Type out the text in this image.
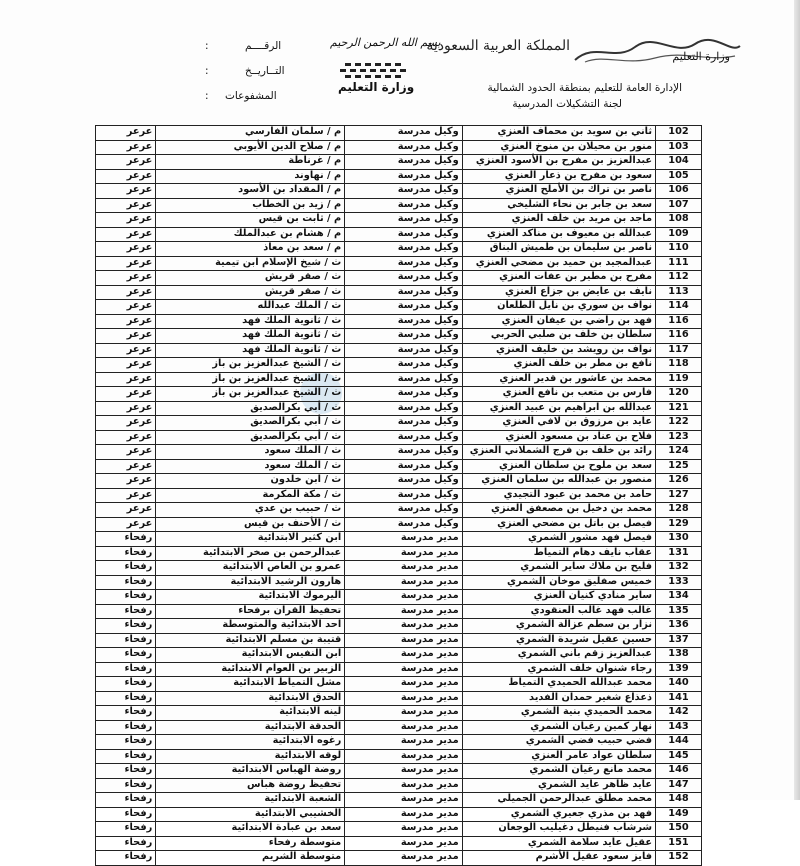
المملكة العربية السعودية
وزارة التعليم
الإدارة العامة للتعليم بمنطقة الحدود الشمالية
لجنة التشكيلات المدرسية
بسم الله الرحمن الرحيم
وزارة التعليم
الرقــــم
:
التــاريــخ
:
المشفوعات
:
102	ثاني بن سويد بن محماف العنزي	وكيل مدرسة	م / سلمان الفارسي	عرعر
103	منور بن محيلان بن منوخ العنزي	وكيل مدرسة	م / صلاح الدين الأيوبي	عرعر
104	عبدالعزيز بن مفرح بن الأسود العنزي	وكيل مدرسة	م / غرناطة	عرعر
105	سعود بن مفرح بن ذعار العنزي	وكيل مدرسة	م / نهاوند	عرعر
106	ناصر بن تراك بن الأملح العنزي	وكيل مدرسة	م / المقداد بن الأسود	عرعر
107	سعد بن جابر بن نحاء الشليخي	وكيل مدرسة	م / زيد بن الخطاب	عرعر
108	ماجد بن مريد بن خلف العنزي	وكيل مدرسة	م / ثابت بن قيس	عرعر
109	عبدالله بن معيوف بن مناكد العنزي	وكيل مدرسة	م / هشام بن عبدالملك	عرعر
110	ناصر بن سليمان بن طميش البناق	وكيل مدرسة	م / سعد بن معاذ	عرعر
111	عبدالمجيد بن حميد بن مضحي العنزي	وكيل مدرسة	ث / شيخ الإسلام ابن تيمية	عرعر
112	مفرح بن مطير بن عفات العنزي	وكيل مدرسة	ث / صقر قريش	عرعر
113	نايف بن عايض بن جزاع العنزي	وكيل مدرسة	ث / صقر قريش	عرعر
114	نواف بن سوري بن نايل الطلعان	وكيل مدرسة	ث / الملك عبدالله	عرعر
116	فهد بن راضي بن عيفان العنزي	وكيل مدرسة	ث / ثانوية الملك فهد	عرعر
116	سلطان بن خلف بن صلبي الحربي	وكيل مدرسة	ث / ثانوية الملك فهد	عرعر
117	نواف بن رويشد بن خليف العنزي	وكيل مدرسة	ث / ثانوية الملك فهد	عرعر
118	نافع بن مطر بن خلف العنزي	وكيل مدرسة	ث / الشيخ عبدالعزيز بن باز	عرعر
119	محمد بن عاشور بن قدير العنزي	وكيل مدرسة	ث / الشيخ عبدالعزيز بن باز	عرعر
120	فارس بن متعب بن نافع العنزي	وكيل مدرسة	ث / الشيخ عبدالعزيز بن باز	عرعر
121	عبدالله بن ابراهيم بن عبيد العنزي	وكيل مدرسة	ث / أبي بكرالصديق	عرعر
122	عايد بن مرزوق بن لافي العنزي	وكيل مدرسة	ث / أبي بكرالصديق	عرعر
123	فلاح بن عناد بن مسعود العنزي	وكيل مدرسة	ث / أبي بكرالصديق	عرعر
124	رائد بن خلف بن فرج الشملاني العنزي	وكيل مدرسة	ث / الملك سعود	عرعر
125	سعد بن ملوح بن سلطان العنزي	وكيل مدرسة	ث / الملك سعود	عرعر
126	منصور بن عبدالله بن سلمان العنزي	وكيل مدرسة	ث / ابن خلدون	عرعر
127	حامد بن محمد بن عبود التجيدي	وكيل مدرسة	ث / مكة المكرمة	عرعر
128	محمد بن دخيل بن مصعفق العنزي	وكيل مدرسة	ث / حبيب بن عدي	عرعر
129	فيصل بن باتل بن مضحي العنزي	وكيل مدرسة	ث / الأحنف بن قيس	عرعر
130	فيصل فهد مشور الشمري	مدير مدرسة	ابن كثير الابتدائية	رفحاء
131	عقاب نايف دهام التمياط	مدير مدرسة	عبدالرحمن بن صخر الابتدائية	رفحاء
132	فليح بن ملاك ساير الشمري	مدير مدرسة	عمرو بن العاص الابتدائية	رفحاء
133	خميس صفليق موخان الشمري	مدير مدرسة	هارون الرشيد الابتدائية	رفحاء
134	ساير منادي كنيان العنزي	مدير مدرسة	اليرموك الابتدائية	رفحاء
135	غالب فهد غالب العنقودي	مدير مدرسة	تحفيظ القران برفحاء	رفحاء
136	نزار بن سطم عزالة الشمري	مدير مدرسة	احد الابتدائية والمتوسطة	رفحاء
137	حسين عقيل شريدة الشمري	مدير مدرسة	قتيبة بن مسلم الابتدائية	رفحاء
138	عبدالعزيز زقم باني الشمري	مدير مدرسة	ابن النفيس الابتدائية	رفحاء
139	رجاء شنوان خلف الشمري	مدير مدرسة	الزبير بن العوام الابتدائية	رفحاء
140	محمد عبدالله الحميدي التمياط	مدير مدرسة	مشل التمياط الابتدائية	رفحاء
141	ذعذاع شغير حمدان الفديد	مدير مدرسة	الحدق الابتدائية	رفحاء
142	محمد الحميدي بنية الشمري	مدير مدرسة	لينه الابتدائية	رفحاء
143	نهار كمين رغيان الشمري	مدير مدرسة	الحدقة الابتدائية	رفحاء
144	فضي حبيب فضي الشمري	مدير مدرسة	رغوه الابتدائية	رفحاء
145	سلطان عواد عامر العنزي	مدير مدرسة	لوقه الابتدائية	رفحاء
146	محمد مانع رغيان الشمري	مدير مدرسة	روضة الهباس الابتدائية	رفحاء
147	عايد ظاهر عايد الشمري	مدير مدرسة	تحفيظ روضة هباس	رفحاء
148	محمد مطلق عبدالرحمن الجميلي	مدير مدرسة	الشعبة الابتدائية	رفحاء
149	فهد بن مذري جعيري الشمري	مدير مدرسة	الخشيبي الابتدائية	رفحاء
150	شرشاب فنيطل دغيليب الوجعان	مدير مدرسة	سعد بن عبادة الابتدائية	رفحاء
151	عقيل عايد سلامة الشمري	مدير مدرسة	متوسطة رفحاء	رفحاء
152	فايز سعود عقيل الأشرم	مدير مدرسة	متوسطة الشريم	رفحاء
